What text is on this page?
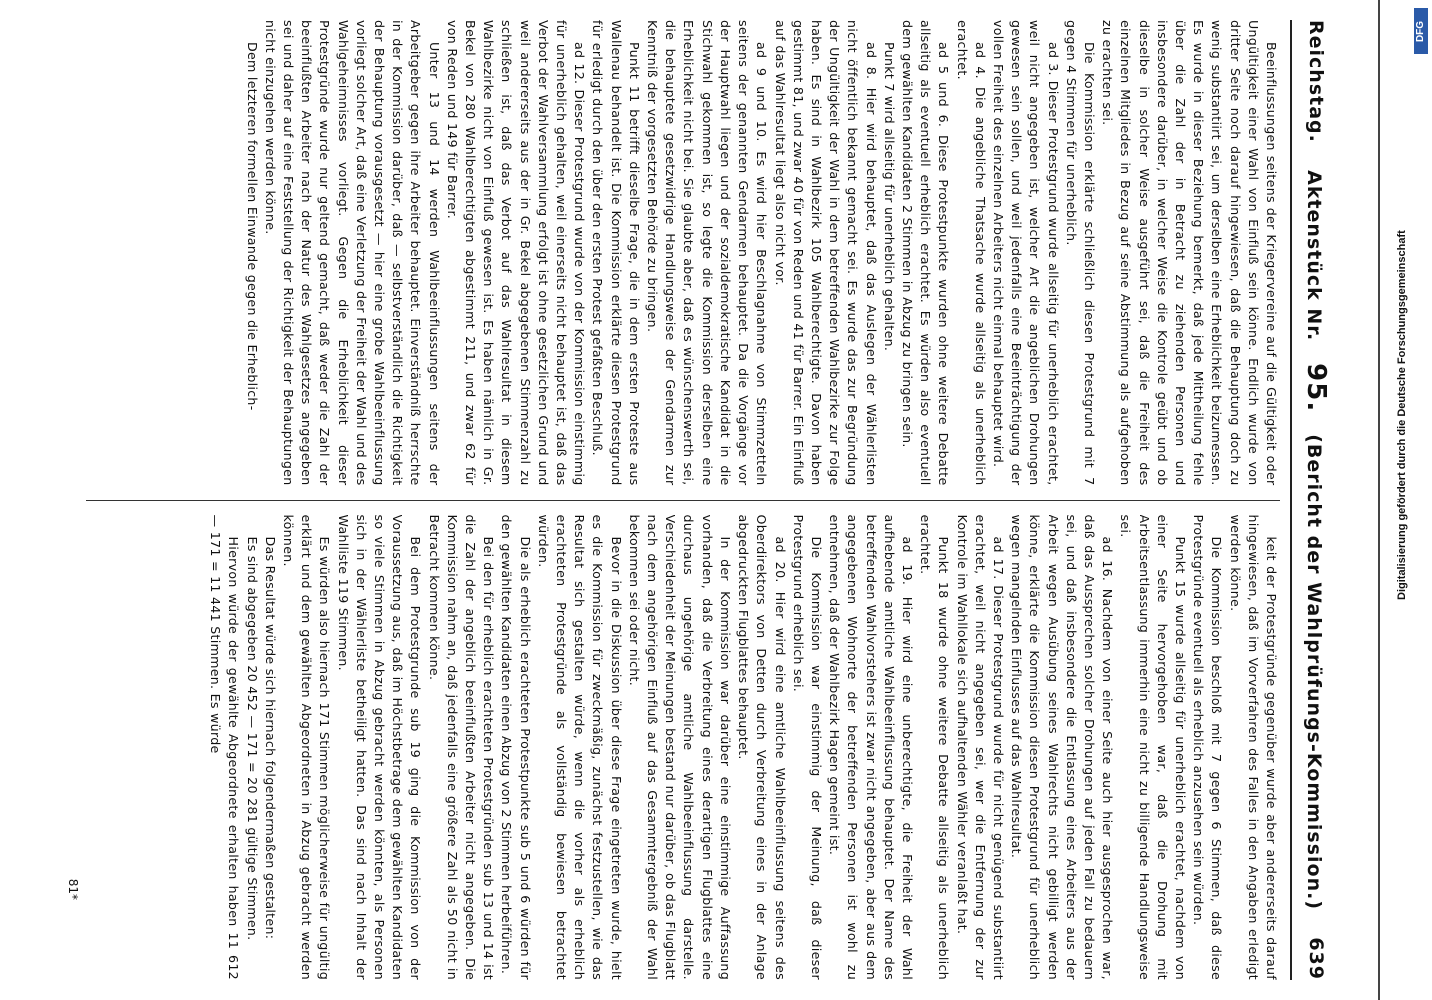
Reichstag.
Aktenstück Nr.
95.
(Bericht der Wahlprüfungs-Kommission.)
639

Beeinflussungen seitens der Kriegervereine auf die Gültigkeit oder Ungültigkeit einer Wahl von Einfluß sein könne. Endlich wurde von dritter Seite noch darauf hingewiesen, daß die Behauptung doch zu wenig substantiirt sei, um derselben eine Erheblichkeit beizumessen. Es wurde in dieser Beziehung bemerkt, daß jede Mittheilung fehle über die Zahl der in Betracht zu ziehenden Personen und insbesondere darüber, in welcher Weise die Kontrole geübt und ob dieselbe in solcher Weise ausgeführt sei, daß die Freiheit des einzelnen Mitgliedes in Bezug auf seine Abstimmung als aufgehoben zu erachten sei.

Die Kommission erklärte schließlich diesen Protestgrund mit 7 gegen 4 Stimmen für unerheblich.

ad 3. Dieser Protestgrund wurde allseitig für unerheblich erachtet, weil nicht angegeben ist, welcher Art die angeblichen Drohungen gewesen sein sollen, und weil jedenfalls eine Beeinträchtigung der vollen Freiheit des einzelnen Arbeiters nicht einmal behauptet wird.

ad 4. Die angebliche Thatsache wurde allseitig als unerheblich erachtet.

ad 5 und 6. Diese Protestpunkte wurden ohne weitere Debatte allseitig als eventuell erheblich erachtet. Es würden also eventuell dem gewählten Kandidaten 2 Stimmen in Abzug zu bringen sein.

Punkt 7 wird allseitig für unerheblich gehalten.

ad 8. Hier wird behauptet, daß das Auslegen der Wählerlisten nicht öffentlich bekannt gemacht sei. Es wurde das zur Begründung der Ungültigkeit der Wahl in dem betreffenden Wahlbezirke zur Folge haben. Es sind in Wahlbezirk 105 Wahlberechtigte. Davon haben gestimmt 81, und zwar 40 für von Reden und 41 für Barrer. Ein Einfluß auf das Wahlresultat liegt also nicht vor.

ad 9 und 10. Es wird hier Beschlagnahme von Stimmzetteln seitens der genannten Gendarmen behauptet. Da die Vorgänge vor der Hauptwahl liegen und der sozialdemokratische Kandidat in die Stichwahl gekommen ist, so legte die Kommission derselben eine Erheblichkeit nicht bei. Sie glaubte aber, daß es wünschenswerth sei, die behauptete gesetzwidrige Handlungsweise der Gendarmen zur Kenntniß der vorgesetzten Behörde zu bringen.

Punkt 11 betrifft dieselbe Frage, die in dem ersten Proteste aus Wallenau behandelt ist. Die Kommission erklärte diesen Protestgrund für erledigt durch den über den ersten Protest gefaßten Beschluß.

ad 12. Dieser Protestgrund wurde von der Kommission einstimmig für unerheblich gehalten, weil einerseits nicht behauptet ist, daß das Verbot der Wahlversammlung erfolgt ist ohne gesetzlichen Grund und weil andererseits aus der in Gr. Bekel abgegebenen Stimmenzahl zu schließen ist, daß das Verbot auf das Wahlresultat in diesem Wahlbezirke nicht von Einfluß gewesen ist. Es haben nämlich in Gr. Bekel von 280 Wahlberechtigten abgestimmt 211, und zwar 62 für von Reden und 149 für Barrer.

Unter 13 und 14 werden Wahlbeeinflussungen seitens der Arbeitgeber gegen ihre Arbeiter behauptet. Einverständniß herrschte in der Kommission darüber, daß — selbstverständlich die Richtigkeit der Behauptung vorausgesetzt — hier eine grobe Wahlbeeinflussung vorliegt solcher Art, daß eine Verletzung der Freiheit der Wahl und des Wahlgeheimnisses vorliegt. Gegen die Erheblichkeit dieser Protestgründe wurde nur geltend gemacht, daß weder die Zahl der beeinflußten Arbeiter nach der Natur des Wahlgesetzes angegeben sei und daher auf eine Feststellung der Richtigkeit der Behauptungen nicht einzugehen werden könne.

Dem letzteren formellen Einwande gegen die Erheblich-

keit der Protestgründe gegenüber wurde aber andererseits darauf hingewiesen, daß im Vorverfahren des Falles in den Angaben erledigt werden könne.

Die Kommission beschloß mit 7 gegen 6 Stimmen, daß diese Protestgründe eventuell als erheblich anzusehen sein würden.

Punkt 15 wurde allseitig für unerheblich erachtet, nachdem von einer Seite hervorgehoben war, daß die Drohung mit Arbeitsentlassung immerhin eine nicht zu billigende Handlungsweise sei.

ad 16. Nachdem von einer Seite auch hier ausgesprochen war, daß das Aussprechen solcher Drohungen auf jeden Fall zu bedauern sei, und daß insbesondere die Entlassung eines Arbeiters aus der Arbeit wegen Ausübung seines Wahlrechts nicht gebilligt werden könne, erklärte die Kommission diesen Protestgrund für unerheblich wegen mangelnden Einflusses auf das Wahlresultat.

ad 17. Dieser Protestgrund wurde für nicht genügend substantiirt erachtet, weil nicht angegeben sei, wer die Entfernung der zur Kontrole im Wahllokale sich aufhaltenden Wähler veranlaßt hat.

Punkt 18 wurde ohne weitere Debatte allseitig als unerheblich erachtet.

ad 19. Hier wird eine unberechtigte, die Freiheit der Wahl aufhebende amtliche Wahlbeeinflussung behauptet. Der Name des betreffenden Wahlvorstehers ist zwar nicht angegeben, aber aus dem angegebenen Wohnorte der betreffenden Personen ist wohl zu entnehmen, daß der Wahlbezirk Hagen gemeint ist.

Die Kommission war einstimmig der Meinung, daß dieser Protestgrund erheblich sei.

ad 20. Hier wird eine amtliche Wahlbeeinflussung seitens des Oberdirektors von Detten durch Verbreitung eines in der Anlage abgedruckten Flugblattes behauptet.

In der Kommission war darüber eine einstimmige Auffassung vorhanden, daß die Verbreitung eines derartigen Flugblattes eine durchaus ungehörige amtliche Wahlbeeinflussung darstelle. Verschiedenheit der Meinungen bestand nur darüber, ob das Flugblatt nach dem angehörigen Einfluß auf das Gesammtergebniß der Wahl bekommen sei oder nicht.

Bevor in die Diskussion über diese Frage eingetreten wurde, hielt es die Kommission für zweckmäßig, zunächst festzustellen, wie das Resultat sich gestalten würde, wenn die vorher als erheblich erachteten Protestgründe als vollständig bewiesen betrachtet würden.

Die als erheblich erachteten Protestpunkte sub 5 und 6 würden für den gewählten Kandidaten einen Abzug von 2 Stimmen herbeiführen.

Bei den für erheblich erachteten Protestgründen sub 13 und 14 ist die Zahl der angeblich beeinflußten Arbeiter nicht angegeben. Die Kommission nahm an, daß jedenfalls eine größere Zahl als 50 nicht in Betracht kommen könne.

Bei dem Protestgrunde sub 19 ging die Kommission von der Voraussetzung aus, daß im Höchstbetrage dem gewählten Kandidaten so viele Stimmen in Abzug gebracht werden könnten, als Personen sich in der Wählerliste betheiligt hatten. Das sind nach Inhalt der Wahlliste 119 Stimmen.

Es würden also hiernach 171 Stimmen möglicherweise für ungültig erklärt und dem gewählten Abgeordneten in Abzug gebracht werden können.

Das Resultat würde sich hiernach folgendermaßen gestalten:

Es sind abgegeben 20 452 — 171 = 20 281 gültige Stimmen.

Hiervon würde der gewählte Abgeordnete erhalten haben 11 612 — 171 = 11 441 Stimmen. Es würde

81*
DFG
Digitalisierung gefördert durch die Deutsche Forschungsgemeinschaft
